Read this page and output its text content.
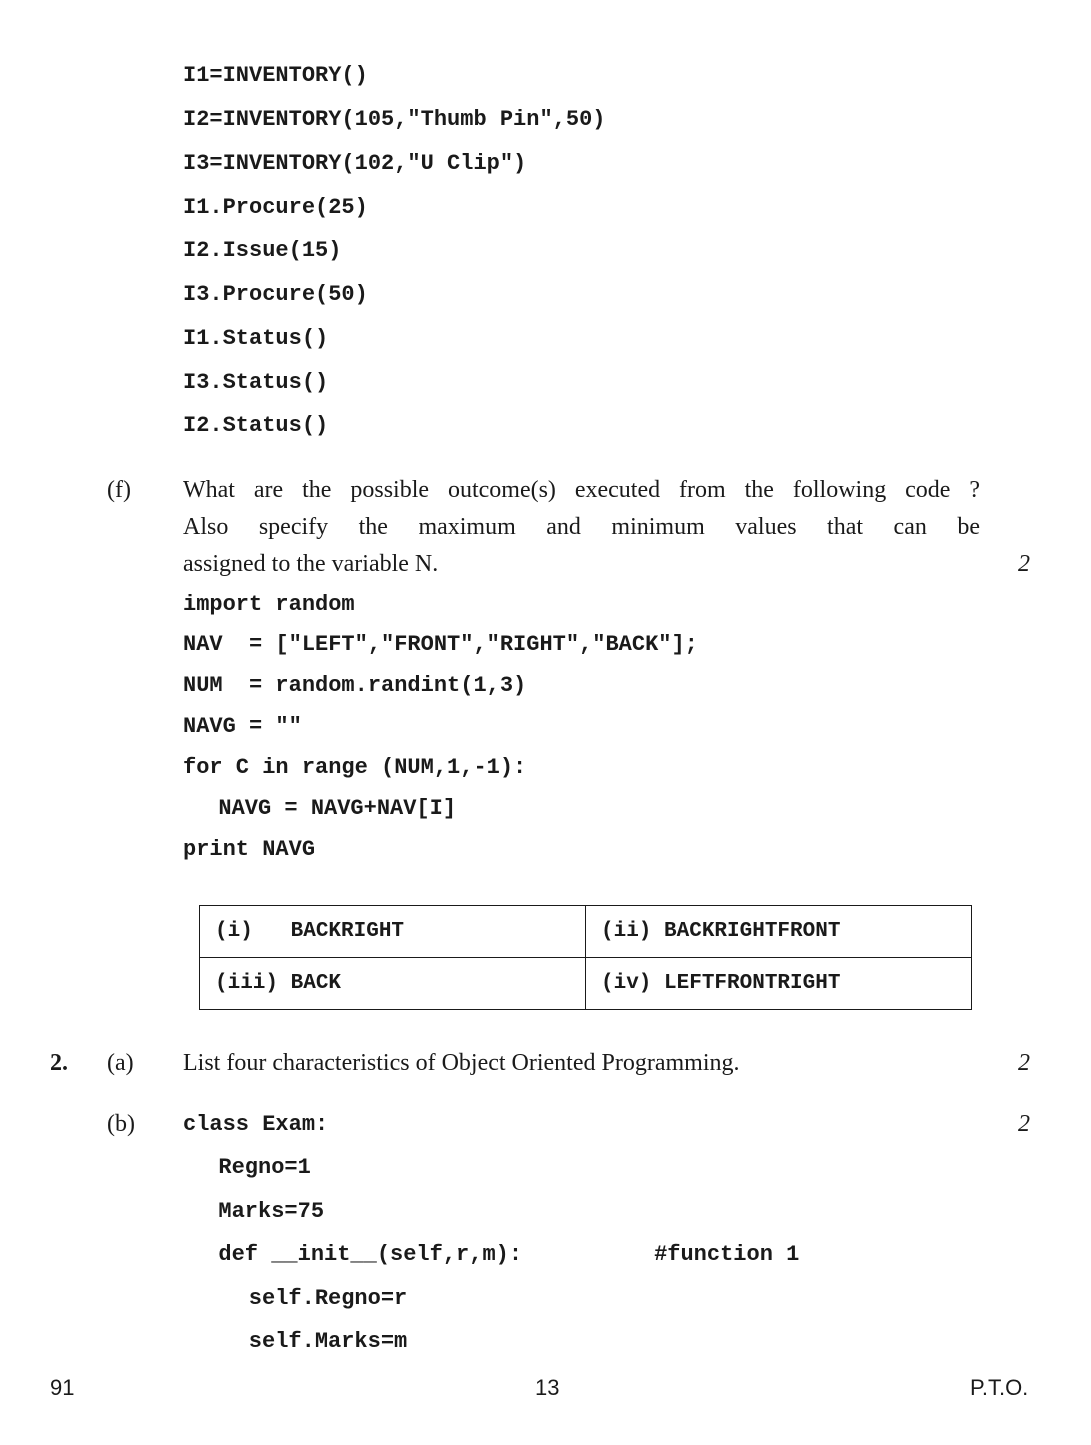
I1=INVENTORY()
I2=INVENTORY(105,"Thumb Pin",50)
I3=INVENTORY(102,"U Clip")
I1.Procure(25)
I2.Issue(15)
I3.Procure(50)
I1.Status()
I3.Status()
I2.Status()
(f) What are the possible outcome(s) executed from the following code ?
Also specify the maximum and minimum values that can be
assigned to the variable N.	2
import random
NAV  = ["LEFT","FRONT","RIGHT","BACK"];
NUM  = random.randint(1,3)
NAVG = ""
for C in range (NUM,1,-1):
NAVG = NAVG+NAV[I]
print NAVG
(i)   BACKRIGHT	(ii) BACKRIGHTFRONT
(iii) BACK	(iv) LEFTFRONTRIGHT
2. (a) List four characteristics of Object Oriented Programming.	2
(b)	2
class Exam:
Regno=1
Marks=75
def __init__(self,r,m):          #function 1
self.Regno=r
self.Marks=m
91	13	P.T.O.
